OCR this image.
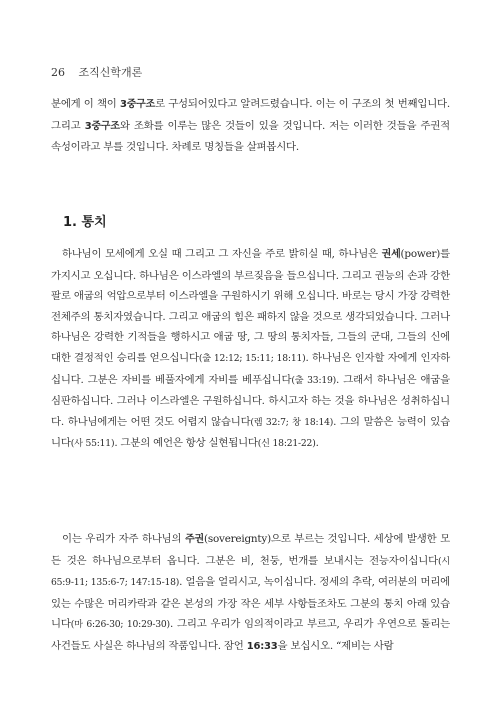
26 조직신학개론

분에게 이 책이 3중구조로 구성되어있다고 알려드렸습니다. 이는 이 구조의 첫 번째입니다. 그리고 3중구조와 조화를 이루는 많은 것들이 있을 것입니다. 저는 이러한 것들을 주권적 속성이라고 부를 것입니다. 차례로 명칭들을 살펴봅시다.

1. 통치

하나님이 모세에게 오실 때 그리고 그 자신을 주로 밝히실 때, 하나님은 권세(power)를 가지시고 오십니다. 하나님은 이스라엘의 부르짖음을 들으십니다. 그리고 권능의 손과 강한 팔로 애굽의 억압으로부터 이스라엘을 구원하시기 위해 오십니다. 바로는 당시 가장 강력한 전체주의 통치자였습니다. 그리고 애굽의 힘은 패하지 않을 것으로 생각되었습니다. 그러나 하나님은 강력한 기적들을 행하시고 애굽 땅, 그 땅의 통치자들, 그들의 군대, 그들의 신에 대한 결정적인 승리를 얻으십니다(출 12:12; 15:11; 18:11). 하나님은 인자할 자에게 인자하십니다. 그분은 자비를 베풀자에게 자비를 베푸십니다(출 33:19). 그래서 하나님은 애굽을 심판하십니다. 그러나 이스라엘은 구원하십니다. 하시고자 하는 것을 하나님은 성취하십니다. 하나님에게는 어떤 것도 어렵지 않습니다(렘 32:7; 창 18:14). 그의 말씀은 능력이 있습니다(사 55:11). 그분의 예언은 항상 실현됩니다(신 18:21-22).

이는 우리가 자주 하나님의 주권(sovereignty)으로 부르는 것입니다. 세상에 발생한 모든 것은 하나님으로부터 옵니다. 그분은 비, 천둥, 번개를 보내시는 전능자이십니다(시 65:9-11; 135:6-7; 147:15-18). 얼음을 얼리시고, 녹이십니다. 정세의 추락, 여러분의 머리에 있는 수많은 머리카락과 같은 본성의 가장 작은 세부 사항들조차도 그분의 통치 아래 있습니다(마 6:26-30; 10:29-30). 그리고 우리가 임의적이라고 부르고, 우리가 우연으로 돌리는 사건들도 사실은 하나님의 작품입니다. 잠언 16:33을 보십시오. “제비는 사람
